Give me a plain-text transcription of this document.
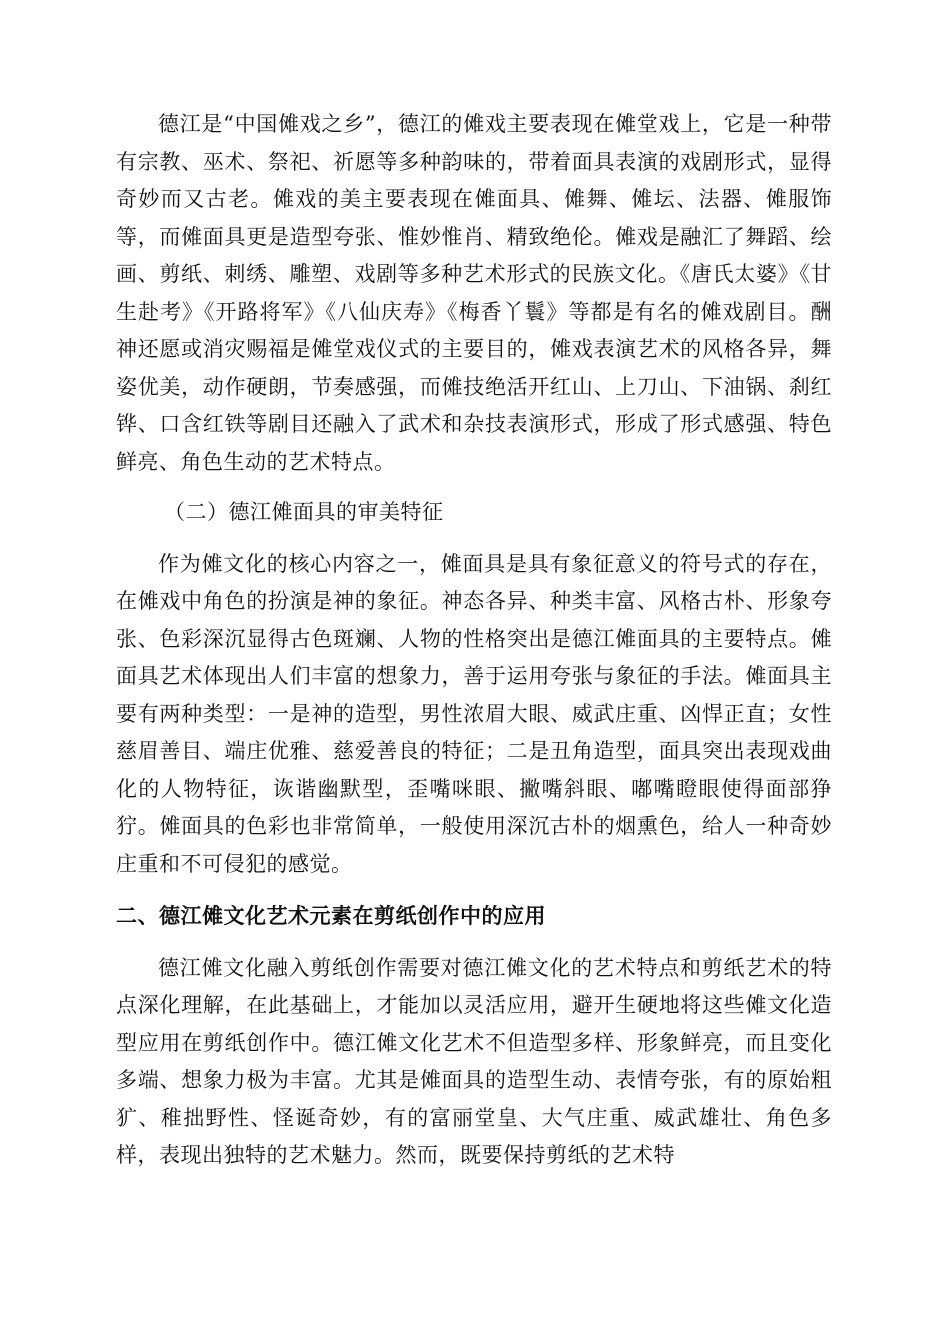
德江是“中国傩戏之乡”，德江的傩戏主要表现在傩堂戏上，它是一种带有宗教、巫术、祭祀、祈愿等多种韵味的，带着面具表演的戏剧形式，显得奇妙而又古老。傩戏的美主要表现在傩面具、傩舞、傩坛、法器、傩服饰等，而傩面具更是造型夸张、惟妙惟肖、精致绝伦。傩戏是融汇了舞蹈、绘画、剪纸、刺绣、雕塑、戏剧等多种艺术形式的民族文化。《唐氏太婆》《甘生赴考》《开路将军》《八仙庆寿》《梅香丫鬟》等都是有名的傩戏剧目。酬神还愿或消灾赐福是傩堂戏仪式的主要目的，傩戏表演艺术的风格各异，舞姿优美，动作硬朗，节奏感强，而傩技绝活开红山、上刀山、下油锅、刹红铧、口含红铁等剧目还融入了武术和杂技表演形式，形成了形式感强、特色鲜亮、角色生动的艺术特点。

（二）德江傩面具的审美特征

作为傩文化的核心内容之一，傩面具是具有象征意义的符号式的存在，在傩戏中角色的扮演是神的象征。神态各异、种类丰富、风格古朴、形象夸张、色彩深沉显得古色斑斓、人物的性格突出是德江傩面具的主要特点。傩面具艺术体现出人们丰富的想象力，善于运用夸张与象征的手法。傩面具主要有两种类型：一是神的造型，男性浓眉大眼、威武庄重、凶悍正直；女性慈眉善目、端庄优雅、慈爱善良的特征；二是丑角造型，面具突出表现戏曲化的人物特征，诙谐幽默型，歪嘴咪眼、撇嘴斜眼、嘟嘴瞪眼使得面部狰狞。傩面具的色彩也非常简单，一般使用深沉古朴的烟熏色，给人一种奇妙庄重和不可侵犯的感觉。

二、德江傩文化艺术元素在剪纸创作中的应用

德江傩文化融入剪纸创作需要对德江傩文化的艺术特点和剪纸艺术的特点深化理解，在此基础上，才能加以灵活应用，避开生硬地将这些傩文化造型应用在剪纸创作中。德江傩文化艺术不但造型多样、形象鲜亮，而且变化多端、想象力极为丰富。尤其是傩面具的造型生动、表情夸张，有的原始粗犷、稚拙野性、怪诞奇妙，有的富丽堂皇、大气庄重、威武雄壮、角色多样，表现出独特的艺术魅力。然而，既要保持剪纸的艺术特
